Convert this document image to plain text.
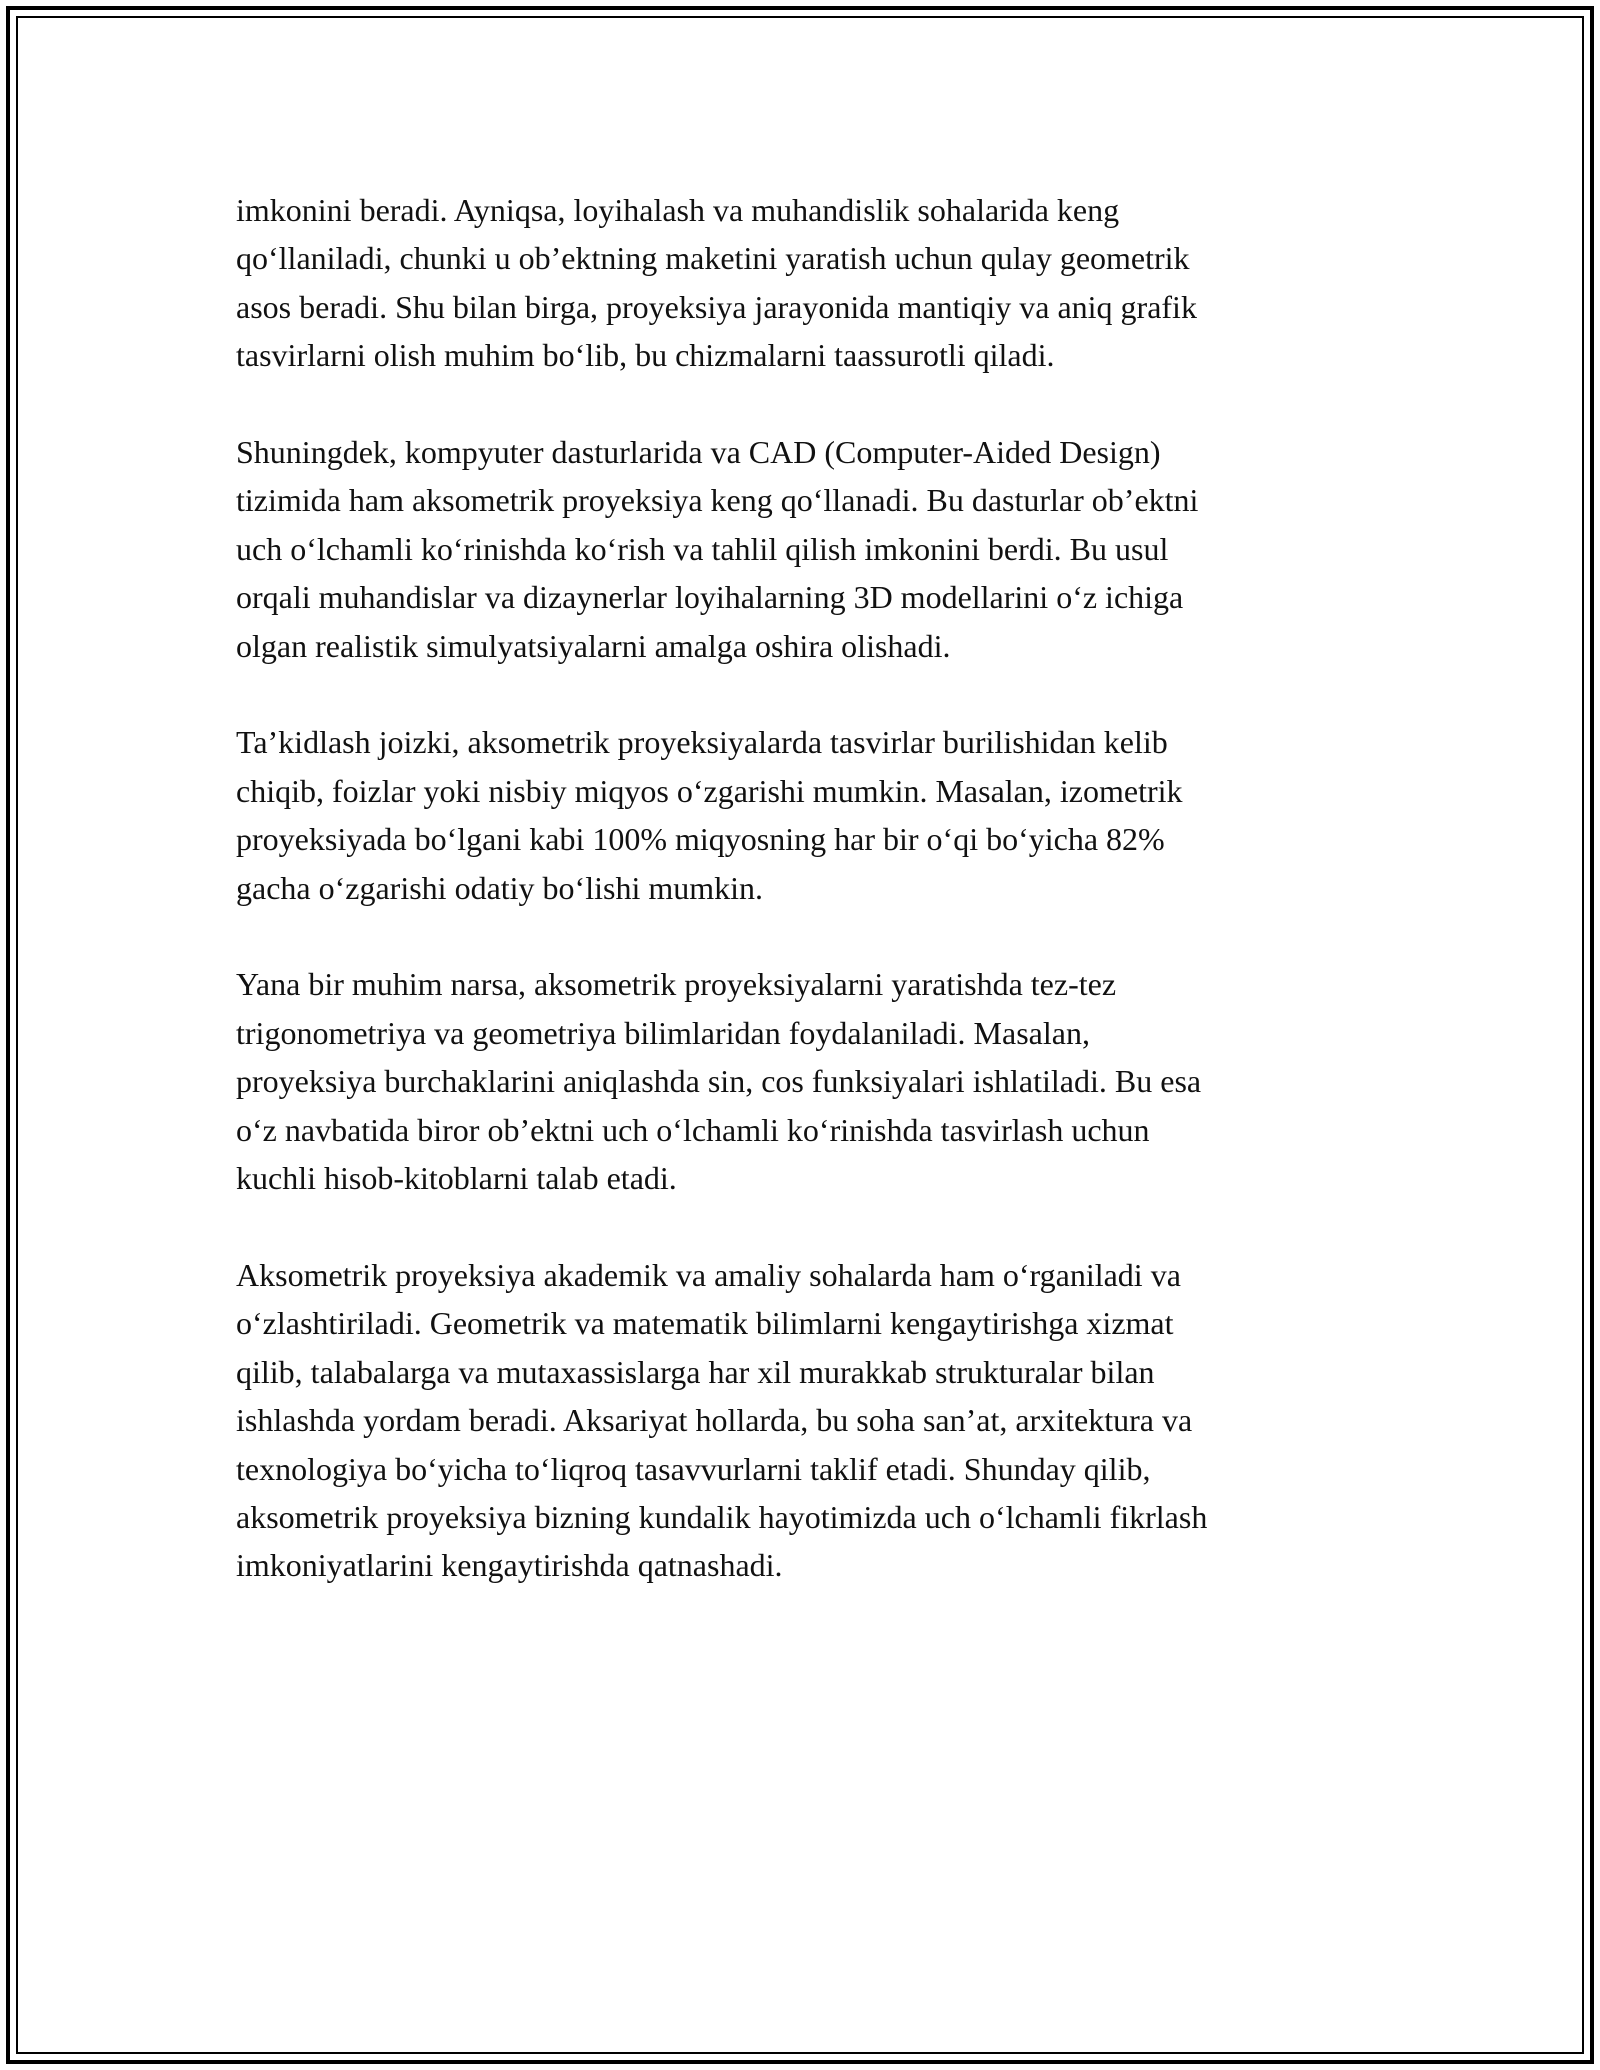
imkonini beradi. Ayniqsa, loyihalash va muhandislik sohalarida keng
qo‘llaniladi, chunki u ob’ektning maketini yaratish uchun qulay geometrik
asos beradi. Shu bilan birga, proyeksiya jarayonida mantiqiy va aniq grafik
tasvirlarni olish muhim bo‘lib, bu chizmalarni taassurotli qiladi.

Shuningdek, kompyuter dasturlarida va CAD (Computer-Aided Design)
tizimida ham aksometrik proyeksiya keng qo‘llanadi. Bu dasturlar ob’ektni
uch o‘lchamli ko‘rinishda ko‘rish va tahlil qilish imkonini berdi. Bu usul
orqali muhandislar va dizaynerlar loyihalarning 3D modellarini o‘z ichiga
olgan realistik simulyatsiyalarni amalga oshira olishadi.

Ta’kidlash joizki, aksometrik proyeksiyalarda tasvirlar burilishidan kelib
chiqib, foizlar yoki nisbiy miqyos o‘zgarishi mumkin. Masalan, izometrik
proyeksiyada bo‘lgani kabi 100% miqyosning har bir o‘qi bo‘yicha 82%
gacha o‘zgarishi odatiy bo‘lishi mumkin.

Yana bir muhim narsa, aksometrik proyeksiyalarni yaratishda tez-tez
trigonometriya va geometriya bilimlaridan foydalaniladi. Masalan,
proyeksiya burchaklarini aniqlashda sin, cos funksiyalari ishlatiladi. Bu esa
o‘z navbatida biror ob’ektni uch o‘lchamli ko‘rinishda tasvirlash uchun
kuchli hisob-kitoblarni talab etadi.

Aksometrik proyeksiya akademik va amaliy sohalarda ham o‘rganiladi va
o‘zlashtiriladi. Geometrik va matematik bilimlarni kengaytirishga xizmat
qilib, talabalarga va mutaxassislarga har xil murakkab strukturalar bilan
ishlashda yordam beradi. Aksariyat hollarda, bu soha san’at, arxitektura va
texnologiya bo‘yicha to‘liqroq tasavvurlarni taklif etadi. Shunday qilib,
aksometrik proyeksiya bizning kundalik hayotimizda uch o‘lchamli fikrlash
imkoniyatlarini kengaytirishda qatnashadi.
